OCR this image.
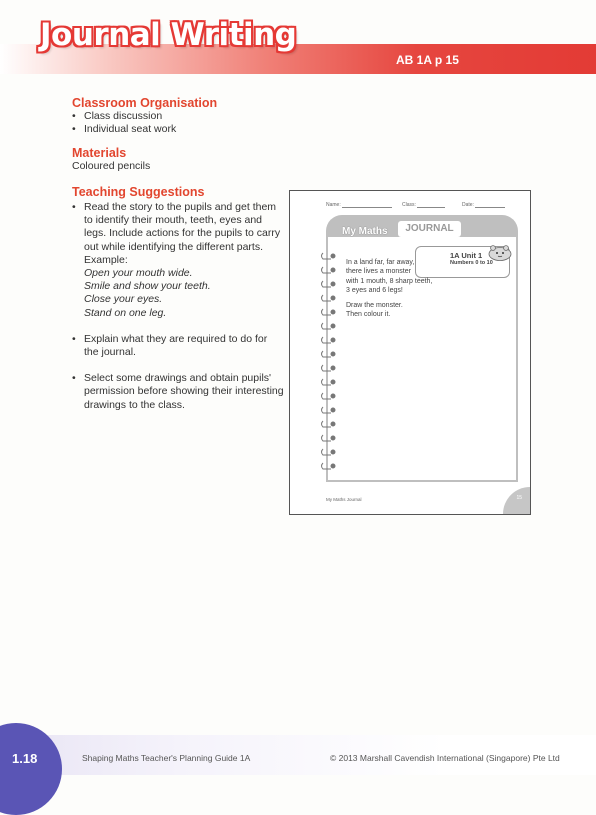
Journal Writing
AB 1A p 15
Classroom Organisation
• Class discussion
• Individual seat work
Materials
Coloured pencils
Teaching Suggestions
• Read the story to the pupils and get them to identify their mouth, teeth, eyes and legs. Include actions for the pupils to carry out while identifying the different parts.
Example:
Open your mouth wide.
Smile and show your teeth.
Close your eyes.
Stand on one leg.
• Explain what they are required to do for the journal.
• Select some drawings and obtain pupils' permission before showing their interesting drawings to the class.
Name:	Class:	Date:
My Maths	JOURNAL
1A Unit 1
Numbers 0 to 10

In a land far, far away,
there lives a monster
with 1 mouth, 8 sharp teeth,
3 eyes and 6 legs!

Draw the monster.
Then colour it.

My Maths Journal	15
1.18	Shaping Maths Teacher's Planning Guide 1A	© 2013 Marshall Cavendish International (Singapore) Pte Ltd
